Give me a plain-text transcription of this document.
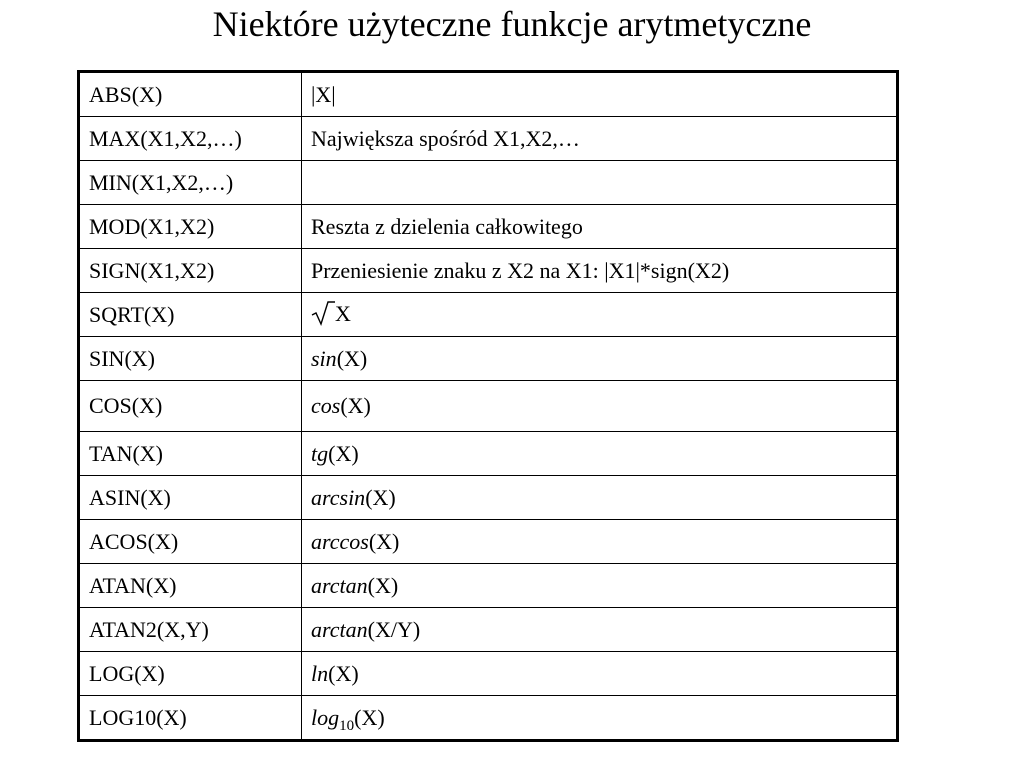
Niektóre użyteczne funkcje arytmetyczne
ABS(X)	|X|
MAX(X1,X2,…)	Największa spośród X1,X2,…
MIN(X1,X2,…)	
MOD(X1,X2)	Reszta z dzielenia całkowitego
SIGN(X1,X2)	Przeniesienie znaku z X2 na X1: |X1|*sign(X2)
SQRT(X)	X
SIN(X)	sin(X)
COS(X)	cos(X)
TAN(X)	tg(X)
ASIN(X)	arcsin(X)
ACOS(X)	arccos(X)
ATAN(X)	arctan(X)
ATAN2(X,Y)	arctan(X/Y)
LOG(X)	ln(X)
LOG10(X)	$\log_{10}(X)$
